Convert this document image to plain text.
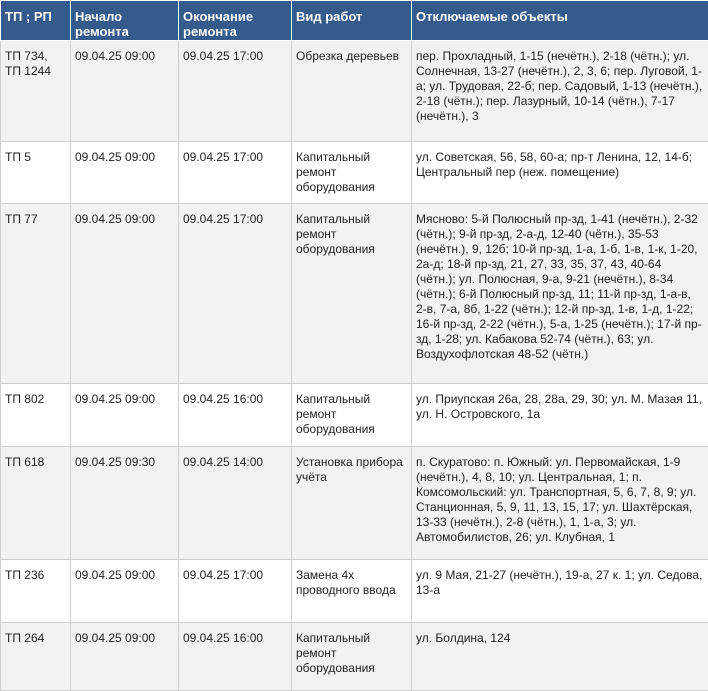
ТП ; РП	Начало ремонта	Окончание ремонта	Вид работ	Отключаемые объекты
ТП 734, ТП 1244	09.04.25 09:00	09.04.25 17:00	Обрезка деревьев	пер. Прохладный, 1-15 (нечётн.), 2-18 (чётн.); ул. Солнечная, 13-27 (нечётн.), 2, 3, 6; пер. Луговой, 1-а; ул. Трудовая, 22-б; пер. Садовый, 1-13 (нечётн.), 2-18 (чётн.); пер. Лазурный, 10-14 (чётн.), 7-17 (нечётн.), 3
ТП 5	09.04.25 09:00	09.04.25 17:00	Капитальный ремонт оборудования	ул. Советская, 56, 58, 60-а; пр-т Ленина, 12, 14-б; Центральный пер (неж. помещение)
ТП 77	09.04.25 09:00	09.04.25 17:00	Капитальный ремонт оборудования	Мясново: 5-й Полюсный пр-зд, 1-41 (нечётн.), 2-32 (чётн.); 9-й пр-зд, 2-а-д, 12-40 (чётн.), 35-53 (нечётн.), 9, 12б; 10-й пр-зд, 1-а, 1-б, 1-в, 1-к, 1-20, 2а-д; 18-й пр-зд, 21, 27, 33, 35, 37, 43, 40-64 (чётн.); ул. Полюсная, 9-а, 9-21 (нечётн.), 8-34 (чётн.); 6-й Полюсный пр-зд, 11; 11-й пр-зд, 1-а-в, 2-в, 7-а, 8б, 1-22 (чётн.); 12-й пр-зд, 1-в, 1-д, 1-22; 16-й пр-зд, 2-22 (чётн.), 5-а, 1-25 (нечётн.); 17-й пр-зд, 1-28; ул. Кабакова 52-74 (чётн.), 63; ул. Воздухофлотская 48-52 (чётн.)
ТП 802	09.04.25 09:00	09.04.25 16:00	Капитальный ремонт оборудования	ул. Приупская 26а, 28, 28а, 29, 30; ул. М. Мазая 11, ул. Н. Островского, 1а
ТП 618	09.04.25 09:30	09.04.25 14:00	Установка прибора учёта	п. Скуратово: п. Южный: ул. Первомайская, 1-9 (нечётн.), 4, 8, 10; ул. Центральная, 1; п. Комсомольский: ул. Транспортная, 5, 6, 7, 8, 9; ул. Станционная, 5, 9, 11, 13, 15, 17; ул. Шахтёрская, 13-33 (нечётн.), 2-8 (чётн.), 1, 1-а, 3; ул. Автомобилистов, 26; ул. Клубная, 1
ТП 236	09.04.25 09:00	09.04.25 17:00	Замена 4х проводного ввода	ул. 9 Мая, 21-27 (нечётн.), 19-а, 27 к. 1; ул. Седова, 13-а
ТП 264	09.04.25 09:00	09.04.25 16:00	Капитальный ремонт оборудования	ул. Болдина, 124
